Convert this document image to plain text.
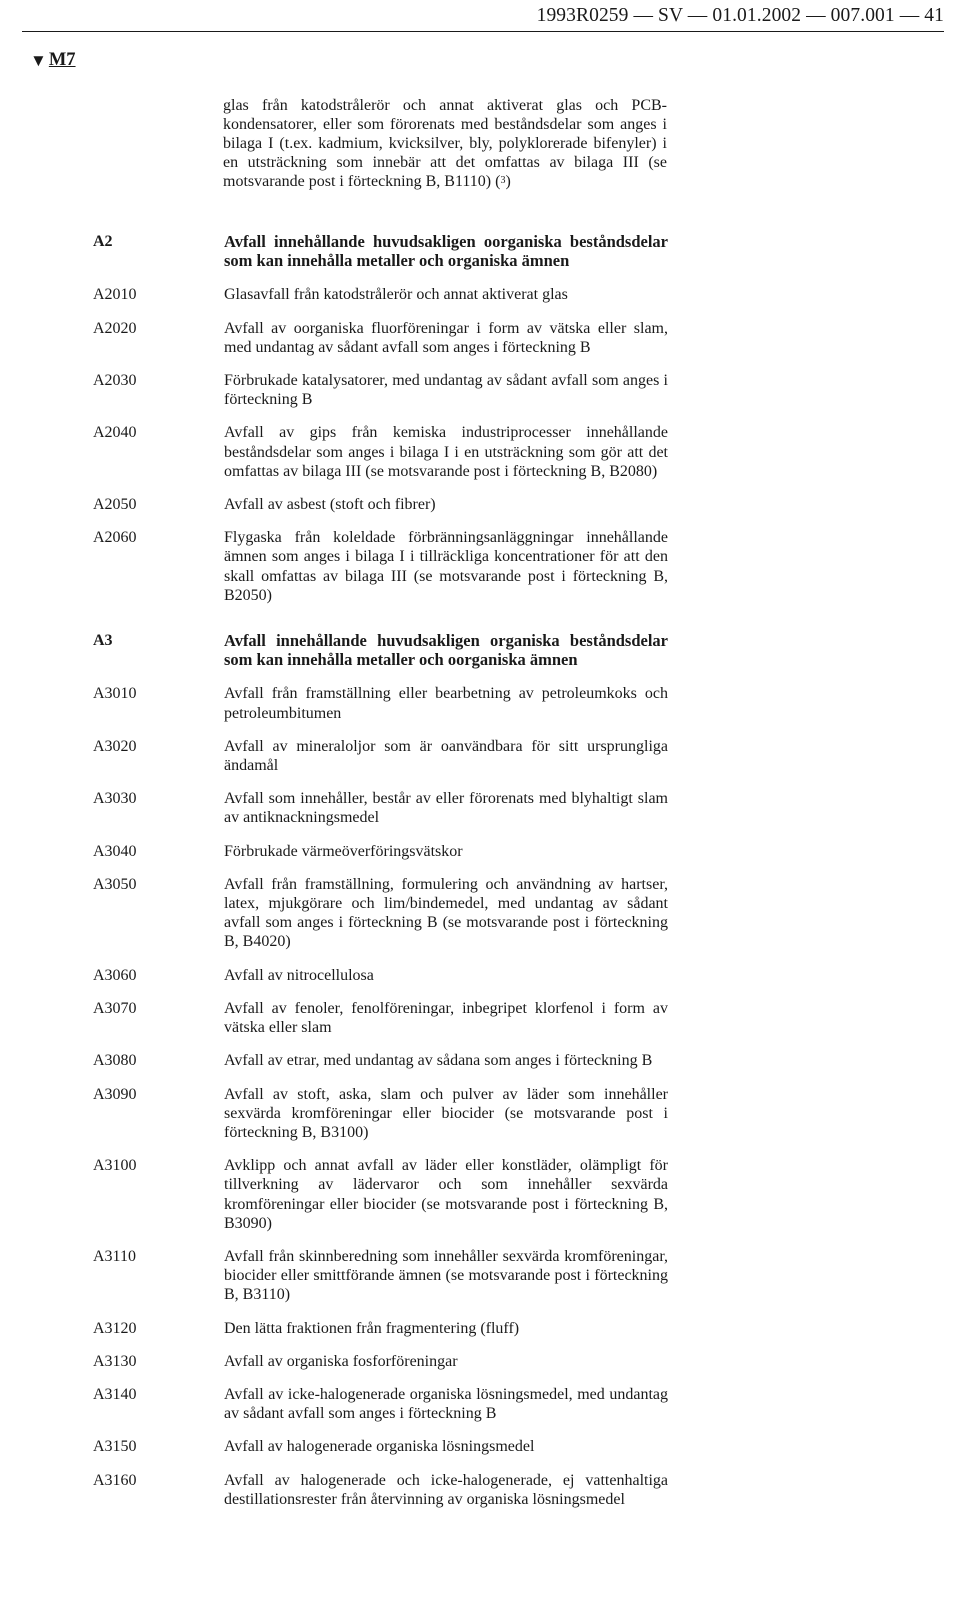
1993R0259 — SV — 01.01.2002 — 007.001 — 41
▼ M7

glas från katodstrålerör och annat aktiverat glas och PCB-kondensatorer, eller som förorenats med beståndsdelar som anges i bilaga I (t.ex. kadmium, kvicksilver, bly, polyklorerade bifenyler) i en utsträckning som innebär att det omfattas av bilaga III (se motsvarande post i förteckning B, B1110) ($^3$)

A2	Avfall innehållande huvudsakligen oorganiska beståndsdelar som kan innehålla metaller och organiska ämnen
A2010	Glasavfall från katodstrålerör och annat aktiverat glas
A2020	Avfall av oorganiska fluorföreningar i form av vätska eller slam, med undantag av sådant avfall som anges i förteckning B
A2030	Förbrukade katalysatorer, med undantag av sådant avfall som anges i förteckning B
A2040	Avfall av gips från kemiska industriprocesser innehållande beståndsdelar som anges i bilaga I i en utsträckning som gör att det omfattas av bilaga III (se motsvarande post i förteckning B, B2080)
A2050	Avfall av asbest (stoft och fibrer)
A2060	Flygaska från koleldade förbränningsanläggningar innehållande ämnen som anges i bilaga I i tillräckliga koncentrationer för att den skall omfattas av bilaga III (se motsvarande post i förteckning B, B2050)
A3	Avfall innehållande huvudsakligen organiska beståndsdelar som kan innehålla metaller och oorganiska ämnen
A3010	Avfall från framställning eller bearbetning av petroleumkoks och petroleumbitumen
A3020	Avfall av mineraloljor som är oanvändbara för sitt ursprungliga ändamål
A3030	Avfall som innehåller, består av eller förorenats med blyhaltigt slam av antiknackningsmedel
A3040	Förbrukade värmeöverföringsvätskor
A3050	Avfall från framställning, formulering och användning av hartser, latex, mjukgörare och lim/bindemedel, med undantag av sådant avfall som anges i förteckning B (se motsvarande post i förteckning B, B4020)
A3060	Avfall av nitrocellulosa
A3070	Avfall av fenoler, fenolföreningar, inbegripet klorfenol i form av vätska eller slam
A3080	Avfall av etrar, med undantag av sådana som anges i förteckning B
A3090	Avfall av stoft, aska, slam och pulver av läder som innehåller sexvärda kromföreningar eller biocider (se motsvarande post i förteckning B, B3100)
A3100	Avklipp och annat avfall av läder eller konstläder, olämpligt för tillverkning av lädervaror och som innehåller sexvärda kromföreningar eller biocider (se motsvarande post i förteckning B, B3090)
A3110	Avfall från skinnberedning som innehåller sexvärda kromföreningar, biocider eller smittförande ämnen (se motsvarande post i förteckning B, B3110)
A3120	Den lätta fraktionen från fragmentering (fluff)
A3130	Avfall av organiska fosforföreningar
A3140	Avfall av icke-halogenerade organiska lösningsmedel, med undantag av sådant avfall som anges i förteckning B
A3150	Avfall av halogenerade organiska lösningsmedel
A3160	Avfall av halogenerade och icke-halogenerade, ej vattenhaltiga destillationsrester från återvinning av organiska lösningsmedel
